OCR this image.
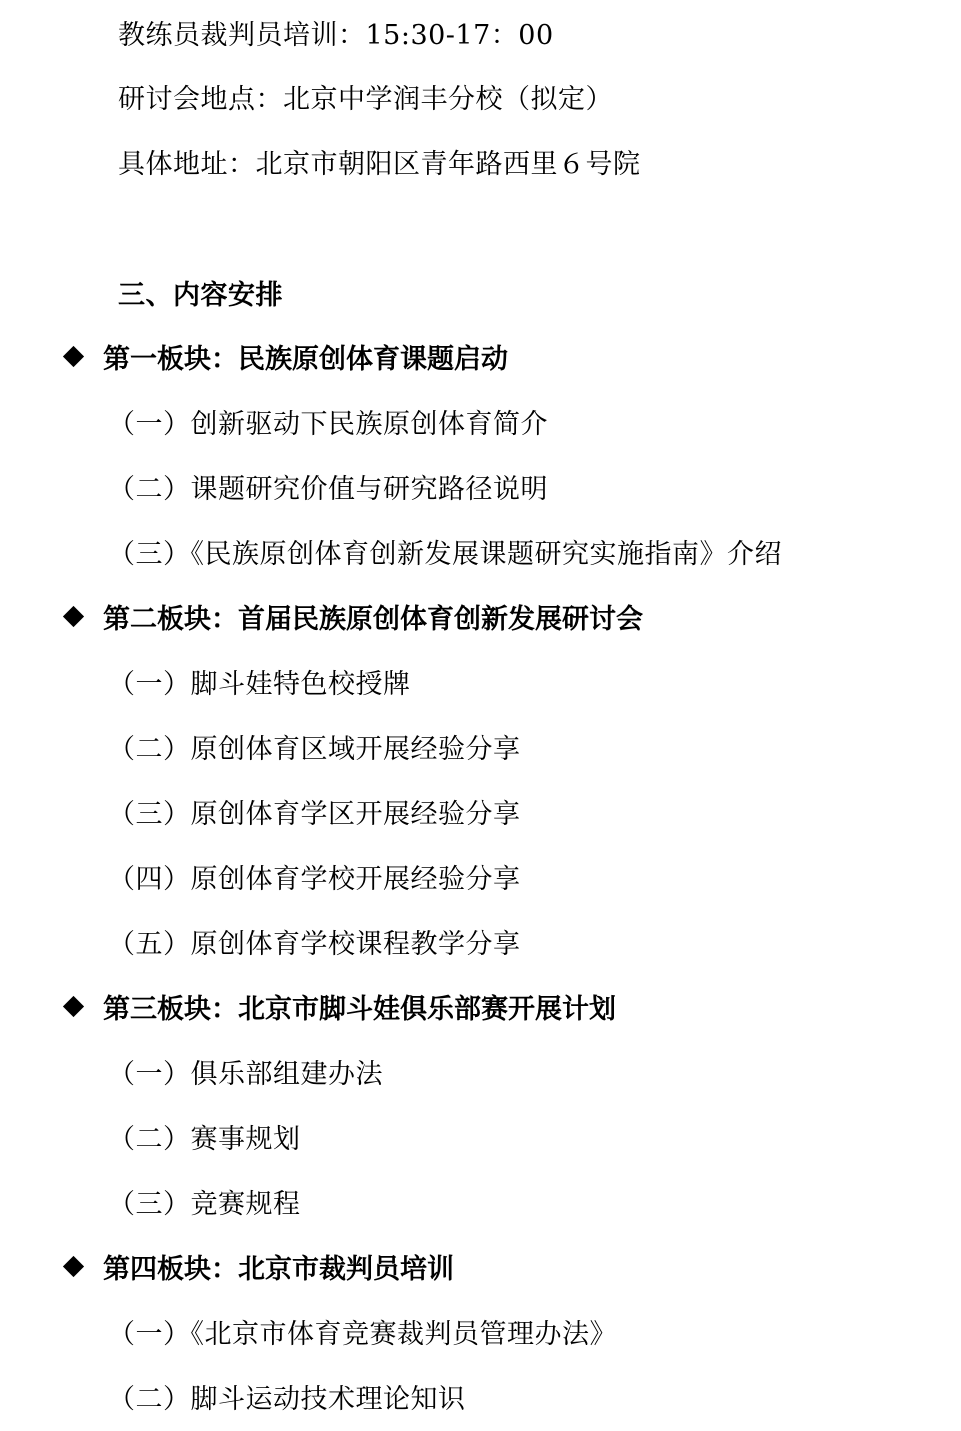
教练员裁判员培训：15:30-17：00
研讨会地点：北京中学润丰分校（拟定）
具体地址：北京市朝阳区青年路西里６号院
三、内容安排
第一板块：民族原创体育课题启动
（一）创新驱动下民族原创体育简介
（二）课题研究价值与研究路径说明
（三）《民族原创体育创新发展课题研究实施指南》介绍
第二板块：首届民族原创体育创新发展研讨会
（一）脚斗娃特色校授牌
（二）原创体育区域开展经验分享
（三）原创体育学区开展经验分享
（四）原创体育学校开展经验分享
（五）原创体育学校课程教学分享
第三板块：北京市脚斗娃俱乐部赛开展计划
（一）俱乐部组建办法
（二）赛事规划
（三）竞赛规程
第四板块：北京市裁判员培训
（一）《北京市体育竞赛裁判员管理办法》
（二）脚斗运动技术理论知识
